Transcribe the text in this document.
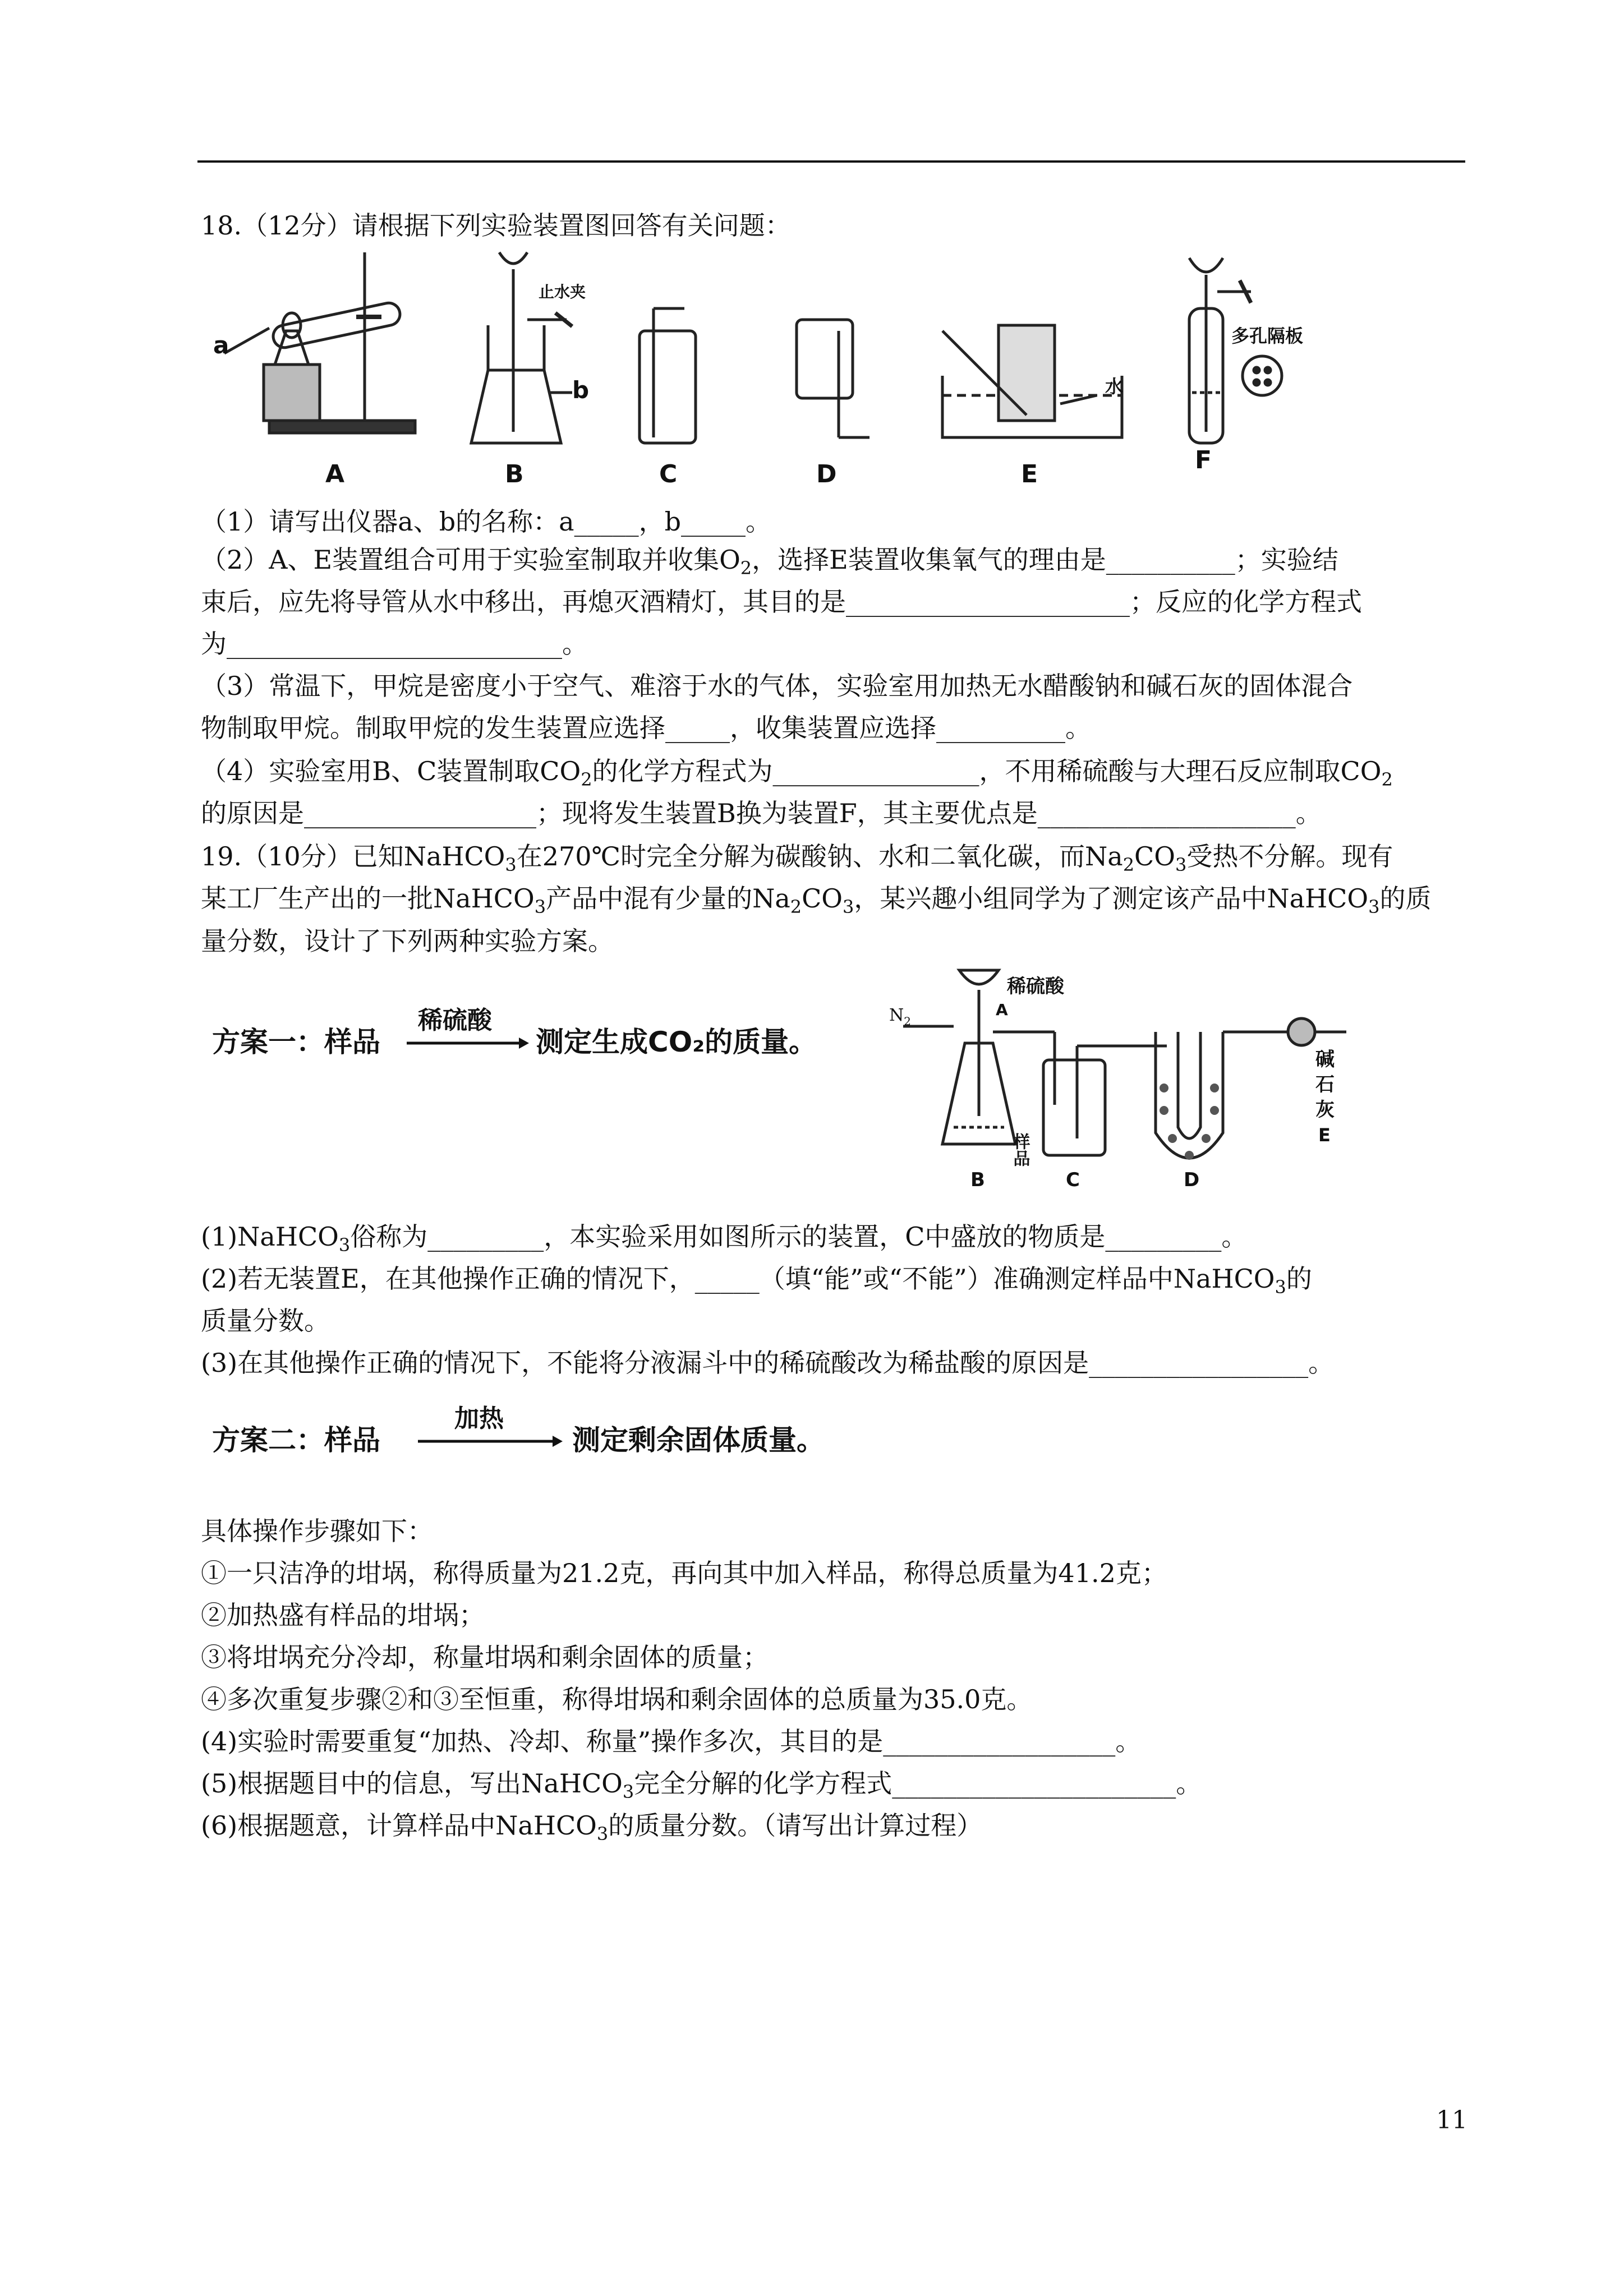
18.（12分）请根据下列实验装置图回答有关问题：
a
b
止水夹
水
A	B	C	D	E
多孔隔板
F
（1）请写出仪器a、b的名称：a_____，b_____。
（2）A、E装置组合可用于实验室制取并收集$O_2$，选择E装置收集氧气的理由是__________；实验结
束后，应先将导管从水中移出，再熄灭酒精灯，其目的是______________________；反应的化学方程式
为__________________________。
（3）常温下，甲烷是密度小于空气、难溶于水的气体，实验室用加热无水醋酸钠和碱石灰的固体混合
物制取甲烷。制取甲烷的发生装置应选择_____，收集装置应选择__________。
（4）实验室用B、C装置制取$CO_2$的化学方程式为________________，不用稀硫酸与大理石反应制取$CO_2$
的原因是__________________；现将发生装置B换为装置F，其主要优点是____________________。
19.（10分）已知NaHCO$_3$在270℃时完全分解为碳酸钠、水和二氧化碳，而$Na_2CO_3$受热不分解。现有
某工厂生产出的一批NaHCO$_3$产品中混有少量的$Na_2CO_3$，某兴趣小组同学为了测定该产品中NaHCO$_3$的质
量分数，设计了下列两种实验方案。
方案一：样品
稀硫酸
测定生成CO₂的质量。
$N_2$
稀硫酸
A
样品
碱
石
灰
E
B	C	D
(1)NaHCO$_3$俗称为_________，本实验采用如图所示的装置，C中盛放的物质是_________。
(2)若无装置E，在其他操作正确的情况下，_____（填“能”或“不能”）准确测定样品中NaHCO$_3$的
质量分数。
(3)在其他操作正确的情况下，不能将分液漏斗中的稀硫酸改为稀盐酸的原因是_________________。
方案二：样品
加热
测定剩余固体质量。
具体操作步骤如下：
①一只洁净的坩埚，称得质量为21.2克，再向其中加入样品，称得总质量为41.2克；
②加热盛有样品的坩埚；
③将坩埚充分冷却，称量坩埚和剩余固体的质量；
④多次重复步骤②和③至恒重，称得坩埚和剩余固体的总质量为35.0克。
(4)实验时需要重复“加热、冷却、称量”操作多次，其目的是__________________。
(5)根据题目中的信息，写出NaHCO$_3$完全分解的化学方程式______________________。
(6)根据题意，计算样品中NaHCO$_3$的质量分数。（请写出计算过程）
11
